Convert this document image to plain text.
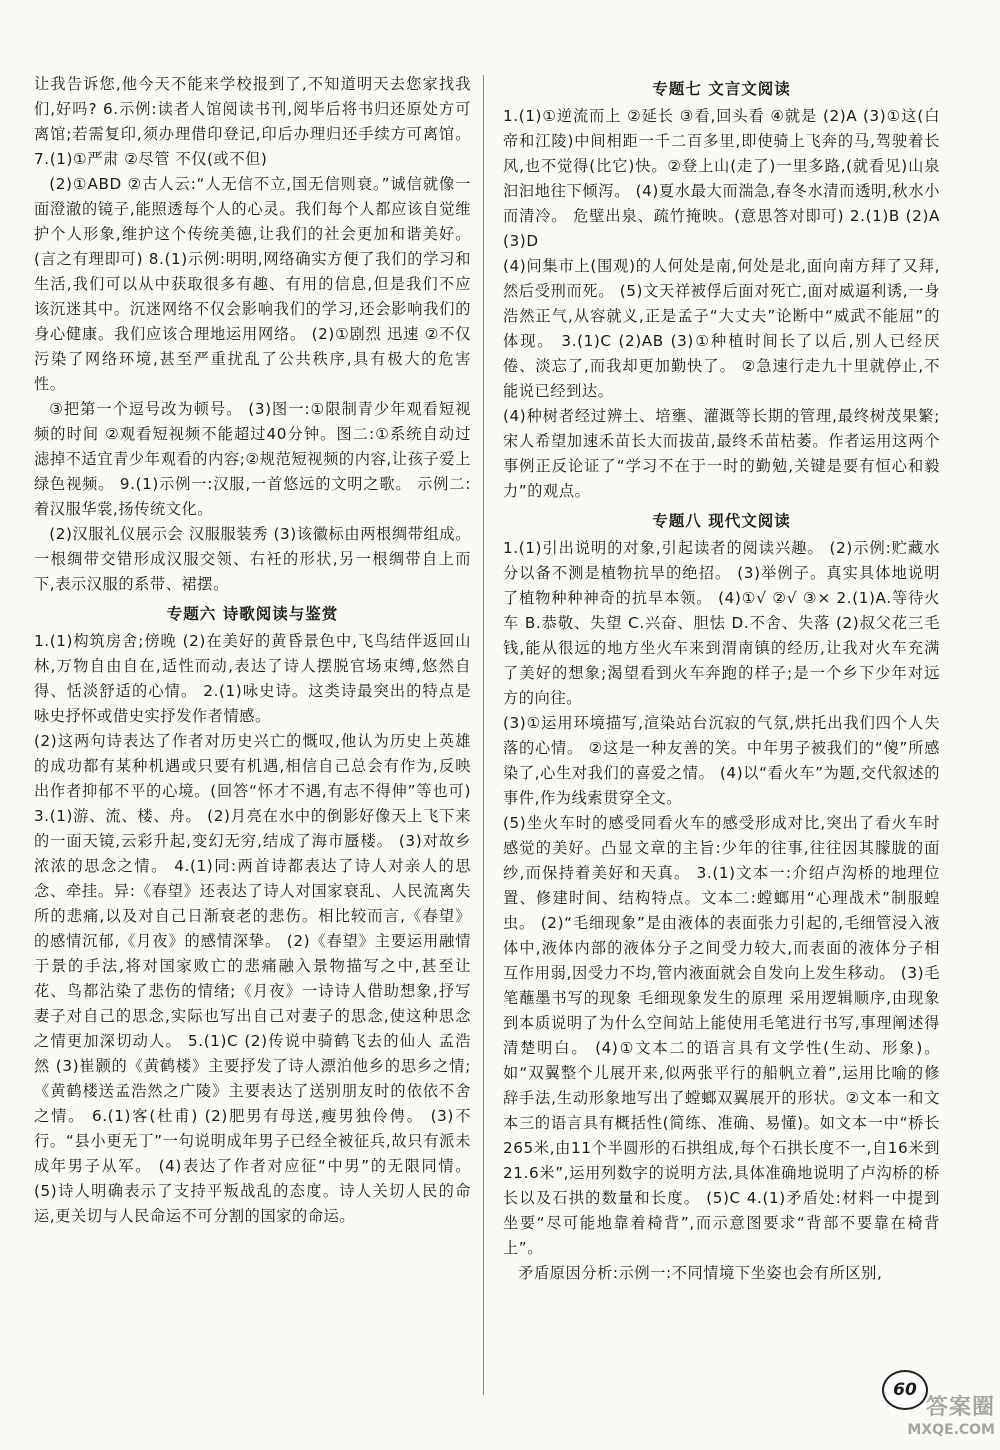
让我告诉您,他今天不能来学校报到了,不知道明天去您家找我们,好吗? 6.示例:读者人馆阅读书刊,阅毕后将书归还原处方可离馆;若需复印,须办理借印登记,印后办理归还手续方可离馆。 7.(1)①严肃 ②尽管 不仅(或不但)

(2)①ABD ②古人云:“人无信不立,国无信则衰。”诚信就像一面澄澈的镜子,能照透每个人的心灵。我们每个人都应该自觉维护个人形象,维护这个传统美德,让我们的社会更加和谐美好。(言之有理即可) 8.(1)示例:明明,网络确实方便了我们的学习和生活,我们可以从中获取很多有趣、有用的信息,但是我们不应该沉迷其中。沉迷网络不仅会影响我们的学习,还会影响我们的身心健康。我们应该合理地运用网络。 (2)①剧烈 迅速 ②不仅污染了网络环境,甚至严重扰乱了公共秩序,具有极大的危害性。

③把第一个逗号改为顿号。 (3)图一:①限制青少年观看短视频的时间 ②观看短视频不能超过40分钟。图二:①系统自动过滤掉不适宜青少年观看的内容;②规范短视频的内容,让孩子爱上绿色视频。 9.(1)示例一:汉服,一首悠远的文明之歌。 示例二:着汉服华裳,扬传统文化。

(2)汉服礼仪展示会 汉服服装秀 (3)该徽标由两根绸带组成。一根绸带交错形成汉服交领、右衽的形状,另一根绸带自上而下,表示汉服的系带、裙摆。

专题六 诗歌阅读与鉴赏

1.(1)构筑房舍;傍晚 (2)在美好的黄昏景色中,飞鸟结伴返回山林,万物自由自在,适性而动,表达了诗人摆脱官场束缚,悠然自得、恬淡舒适的心情。 2.(1)咏史诗。这类诗最突出的特点是咏史抒怀或借史实抒发作者情感。

(2)这两句诗表达了作者对历史兴亡的慨叹,他认为历史上英雄的成功都有某种机遇或只要有机遇,相信自己总会有作为,反映出作者抑郁不平的心境。(回答“怀才不遇,有志不得伸”等也可) 3.(1)游、流、楼、舟。 (2)月亮在水中的倒影好像天上飞下来的一面天镜,云彩升起,变幻无穷,结成了海市蜃楼。 (3)对故乡浓浓的思念之情。 4.(1)同:两首诗都表达了诗人对亲人的思念、牵挂。异:《春望》还表达了诗人对国家衰乱、人民流离失所的悲痛,以及对自己日渐衰老的悲伤。相比较而言,《春望》的感情沉郁,《月夜》的感情深挚。 (2)《春望》主要运用融情于景的手法,将对国家败亡的悲痛融入景物描写之中,甚至让花、鸟都沾染了悲伤的情绪;《月夜》一诗诗人借助想象,抒写妻子对自己的思念,实际也写出自己对妻子的思念,使这种思念之情更加深切动人。 5.(1)C (2)传说中骑鹤飞去的仙人 孟浩然 (3)崔颢的《黄鹤楼》主要抒发了诗人漂泊他乡的思乡之情;《黄鹤楼送孟浩然之广陵》主要表达了送别朋友时的依依不舍之情。 6.(1)客(杜甫) (2)肥男有母送,瘦男独伶俜。 (3)不行。“县小更无丁”一句说明成年男子已经全被征兵,故只有派未成年男子从军。 (4)表达了作者对应征“中男”的无限同情。 (5)诗人明确表示了支持平叛战乱的态度。诗人关切人民的命运,更关切与人民命运不可分割的国家的命运。

专题七 文言文阅读

1.(1)①逆流而上 ②延长 ③看,回头看 ④就是 (2)A (3)①这(白帝和江陵)中间相距一千二百多里,即使骑上飞奔的马,驾驶着长风,也不觉得(比它)快。②登上山(走了)一里多路,(就看见)山泉汩汩地往下倾泻。 (4)夏水最大而湍急,春冬水清而透明,秋水小而清冷。 危壁出泉、疏竹掩映。(意思答对即可) 2.(1)B (2)A (3)D

(4)问集市上(围观)的人何处是南,何处是北,面向南方拜了又拜,然后受刑而死。 (5)文天祥被俘后面对死亡,面对威逼利诱,一身浩然正气,从容就义,正是孟子“大丈夫”论断中“威武不能屈”的体现。 3.(1)C (2)AB (3)①种植时间长了以后,别人已经厌倦、淡忘了,而我却更加勤快了。 ②急速行走九十里就停止,不能说已经到达。

(4)种树者经过辨土、培壅、灌溉等长期的管理,最终树茂果繁;宋人希望加速禾苗长大而拔苗,最终禾苗枯萎。作者运用这两个事例正反论证了“学习不在于一时的勤勉,关键是要有恒心和毅力”的观点。

专题八 现代文阅读

1.(1)引出说明的对象,引起读者的阅读兴趣。 (2)示例:贮藏水分以备不测是植物抗旱的绝招。 (3)举例子。真实具体地说明了植物种种神奇的抗旱本领。 (4)①√ ②√ ③× 2.(1)A.等待火车 B.恭敬、失望 C.兴奋、胆怯 D.不舍、失落 (2)叔父花三毛钱,能从很远的地方坐火车来到渭南镇的经历,让我对火车充满了美好的想象;渴望看到火车奔跑的样子;是一个乡下少年对远方的向往。

(3)①运用环境描写,渲染站台沉寂的气氛,烘托出我们四个人失落的心情。 ②这是一种友善的笑。中年男子被我们的“傻”所感染了,心生对我们的喜爱之情。 (4)以“看火车”为题,交代叙述的事件,作为线索贯穿全文。

(5)坐火车时的感受同看火车的感受形成对比,突出了看火车时感觉的美好。凸显文章的主旨:少年的往事,往往因其朦胧的面纱,而保持着美好和天真。 3.(1)文本一:介绍卢沟桥的地理位置、修建时间、结构特点。文本二:螳螂用“心理战术”制服蝗虫。 (2)“毛细现象”是由液体的表面张力引起的,毛细管浸入液体中,液体内部的液体分子之间受力较大,而表面的液体分子相互作用弱,因受力不均,管内液面就会自发向上发生移动。 (3)毛笔蘸墨书写的现象 毛细现象发生的原理 采用逻辑顺序,由现象到本质说明了为什么空间站上能使用毛笔进行书写,事理阐述得清楚明白。 (4)①文本二的语言具有文学性(生动、形象)。如“双翼整个儿展开来,似两张平行的船帆立着”,运用比喻的修辞手法,生动形象地写出了螳螂双翼展开的形状。②文本一和文本三的语言具有概括性(简练、准确、易懂)。如文本一中“桥长265米,由11个半圆形的石拱组成,每个石拱长度不一,自16米到21.6米”,运用列数字的说明方法,具体准确地说明了卢沟桥的桥长以及石拱的数量和长度。 (5)C 4.(1)矛盾处:材料一中提到坐要“尽可能地靠着椅背”,而示意图要求“背部不要靠在椅背上”。

矛盾原因分析:示例一:不同情境下坐姿也会有所区别,

60
答案圈
MXQE.COM
